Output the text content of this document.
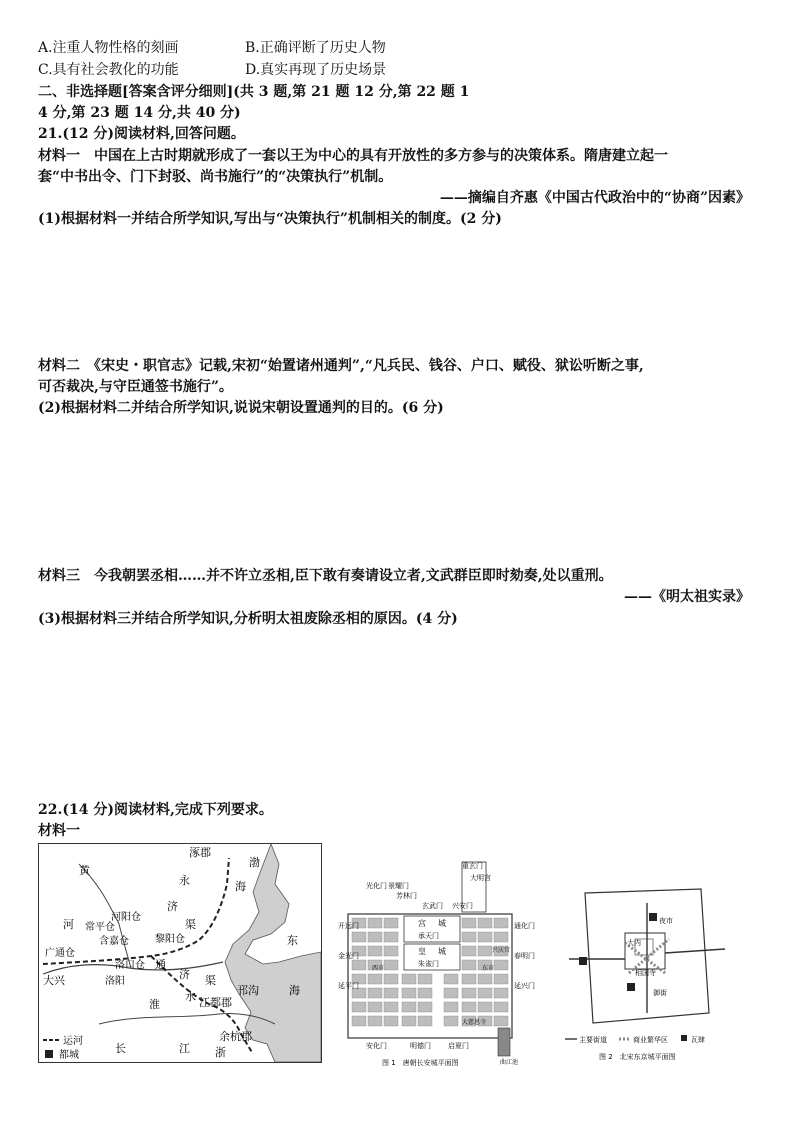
A.注重人物性格的刻画	B.正确评断了历史人物
C.具有社会教化的功能	D.真实再现了历史场景
二、非选择题[答案含评分细则](共 3 题,第 21 题 12 分,第 22 题 1
4 分,第 23 题 14 分,共 40 分)
21.(12 分)阅读材料,回答问题。
材料一　中国在上古时期就形成了一套以王为中心的具有开放性的多方参与的决策体系。隋唐建立起一
套“中书出令、门下封驳、尚书施行”的“决策执行”机制。
——摘编自齐惠《中国古代政治中的“协商”因素》
(1)根据材料一并结合所学知识,写出与“决策执行”机制相关的制度。(2 分)
材料二　《宋史・职官志》记载,宋初“始置诸州通判”,“凡兵民、钱谷、户口、赋役、狱讼听断之事,
可否裁决,与守臣通签书施行”。
(2)根据材料二并结合所学知识,说说宋朝设置通判的目的。(6 分)
材料三　今我朝罢丞相……并不许立丞相,臣下敢有奏请设立者,文武群臣即时劾奏,处以重刑。
——《明太祖实录》
(3)根据材料三并结合所学知识,分析明太祖废除丞相的原因。(4 分)
22.(14 分)阅读材料,完成下列要求。
材料一
涿郡
黄
永
渤
海
济
河 常平仓
河阳仓
含嘉仓	黎阳仓
渠
广通仓
东
大兴	洛阳
洛口仓 通
济 渠
淮
水 江都郡
邗沟	海
余杭郡
长	江 浙
运河
都城
重玄门
大明宫
光化门 景耀门
芳林门
玄武门 兴安门
宫 城
承天门
皇 城
朱雀门
开远门
金光门
延平门
通化门
春明门
延兴门
安化门	明德门 启夏门
兴庆宫
西市	东市
大慈恩寺
曲江池
图 1　唐朝长安城平面图
大内
夜市
相国寺
御街
主要街道	商业繁华区	瓦肆
图 2　北宋东京城平面图
